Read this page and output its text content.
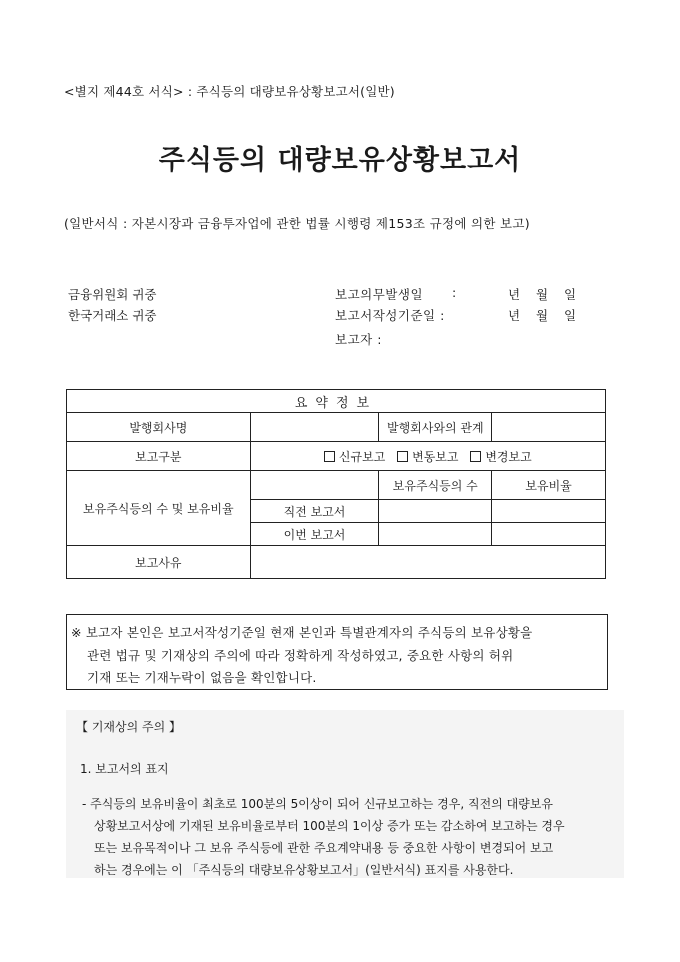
<별지 제44호 서식> : 주식등의 대량보유상황보고서(일반)
주식등의 대량보유상황보고서
(일반서식 : 자본시장과 금융투자업에 관한 법률 시행령 제153조 규정에 의한 보고)
금융위원회 귀중
한국거래소 귀중
보고의무발생일 :	년 월 일
보고서작성기준일 :	년 월 일
보고자 :
요약정보			
발행회사명		발행회사와의 관계	
보고구분	신규보고 변동보고 변경보고		
보유주식등의 수 및 보유비율		보유주식등의 수	보유비율
	직전 보고서		
	이번 보고서		
보고사유			
※ 보고자 본인은 보고서작성기준일 현재 본인과 특별관계자의 주식등의 보유상황을
관련 법규 및 기재상의 주의에 따라 정확하게 작성하였고, 중요한 사항의 허위
기재 또는 기재누락이 없음을 확인합니다.
【 기재상의 주의 】
1. 보고서의 표지
- 주식등의 보유비율이 최초로 100분의 5이상이 되어 신규보고하는 경우, 직전의 대량보유
상황보고서상에 기재된 보유비율로부터 100분의 1이상 증가 또는 감소하여 보고하는 경우
또는 보유목적이나 그 보유 주식등에 관한 주요계약내용 등 중요한 사항이 변경되어 보고
하는 경우에는 이 「주식등의 대량보유상황보고서」(일반서식) 표지를 사용한다.
